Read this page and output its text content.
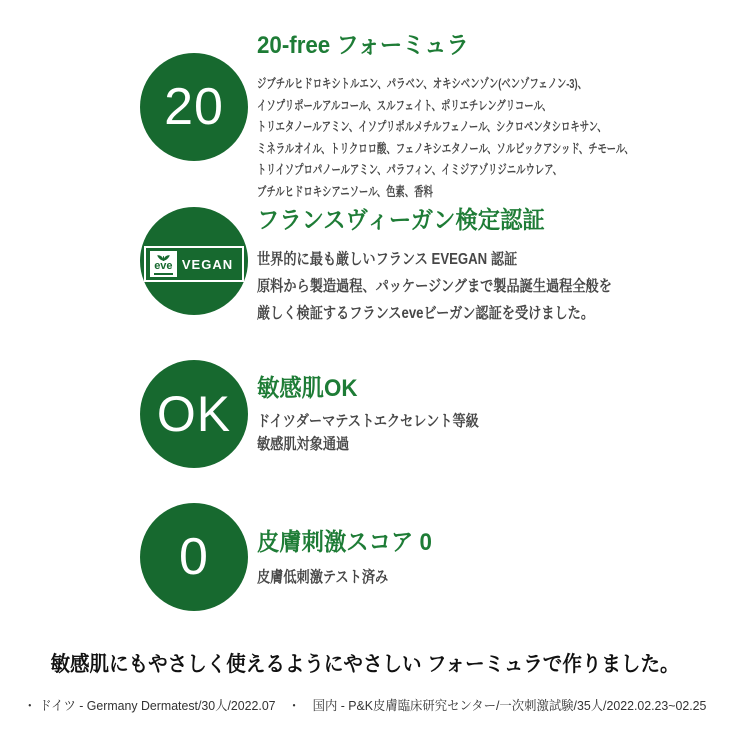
20
20-free フォーミュラ
ジブチルヒドロキシトルエン、パラベン、オキシベンゾン(ベンゾフェノン-3)、
イソプリポールアルコール、スルフェイト、ポリエチレングリコール、
トリエタノールアミン、イソプリポルメチルフェノール、シクロペンタシロキサン、
ミネラルオイル、トリクロロ酸、フェノキシエタノール、ソルビックアシッド、チモール、
トリイソプロパノールアミン、パラフィン、イミジアゾリジニルウレア、
ブチルヒドロキシアニソール、色素、香料
eve VEGAN
®
フランスヴィーガン検定認証
世界的に最も厳しいフランス EVEGAN 認証
原料から製造過程、パッケージングまで製品誕生過程全般を
厳しく検証するフランスeveビーガン認証を受けました。
OK 敏感肌OK
ドイツダーマテストエクセレント等級
敏感肌対象通過
0 皮膚刺激スコア 0
皮膚低刺激テスト済み
敏感肌にもやさしく使えるようにやさしい フォーミュラで作りました。
・ ドイツ - Germany Dermatest/30人/2022.07　・　国内 - P&K皮膚臨床研究センター/一次刺激試験/35人/2022.02.23~02.25
